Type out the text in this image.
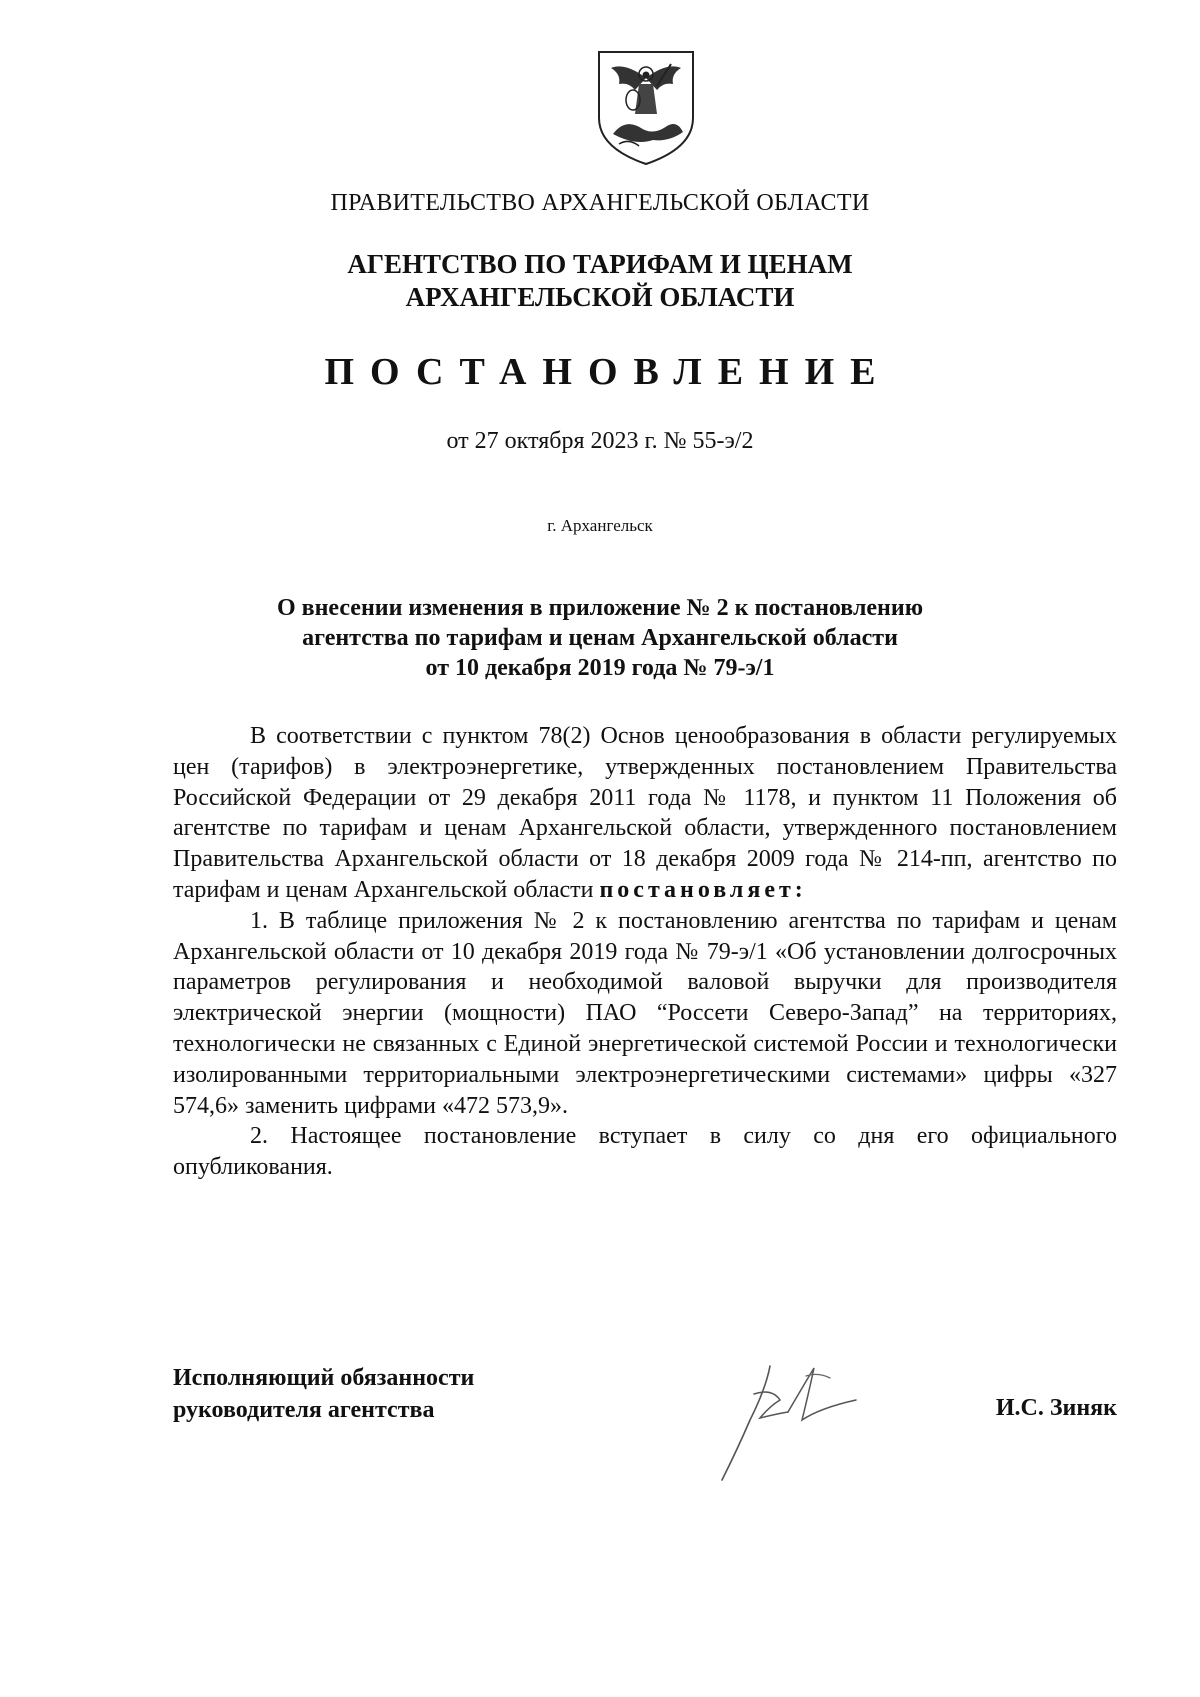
ПРАВИТЕЛЬСТВО АРХАНГЕЛЬСКОЙ ОБЛАСТИ
АГЕНТСТВО ПО ТАРИФАМ И ЦЕНАМ
АРХАНГЕЛЬСКОЙ ОБЛАСТИ
ПОСТАНОВЛЕНИЕ
от 27 октября 2023 г. № 55-э/2
г. Архангельск
О внесении изменения в приложение № 2 к постановлению
агентства по тарифам и ценам Архангельской области
от 10 декабря 2019 года № 79-э/1

В соответствии с пунктом 78(2) Основ ценообразования в области регулируемых цен (тарифов) в электроэнергетике, утвержденных постановлением Правительства Российской Федерации от 29 декабря 2011 года № 1178, и пунктом 11 Положения об агентстве по тарифам и ценам Архангельской области, утвержденного постановлением Правительства Архангельской области от 18 декабря 2009 года № 214-пп, агентство по тарифам и ценам Архангельской области постановляет:

1. В таблице приложения № 2 к постановлению агентства по тарифам и ценам Архангельской области от 10 декабря 2019 года № 79-э/1 «Об установлении долгосрочных параметров регулирования и необходимой валовой выручки для производителя электрической энергии (мощности) ПАО “Россети Северо-Запад” на территориях, технологически не связанных с Единой энергетической системой России и технологически изолированными территориальными электроэнергетическими системами» цифры «327 574,6» заменить цифрами «472 573,9».

2. Настоящее постановление вступает в силу со дня его официального опубликования.

Исполняющий обязанности
руководителя агентства	И.С. Зиняк
